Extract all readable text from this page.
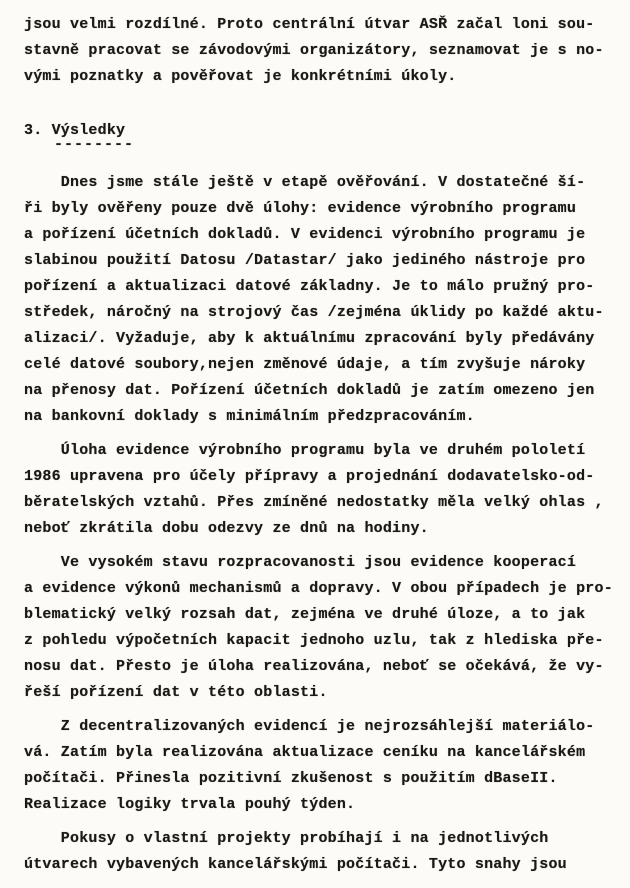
jsou velmi rozdílné. Proto centrální útvar ASŘ začal loni sou-
stavně pracovat se závodovými organizátory, seznamovat je s no-
vými poznatky a pověřovat je konkrétními úkoly.
3. Výsledky
--------
Dnes jsme stále ještě v etapě ověřování. V dostatečné ší-
ři byly ověřeny pouze dvě úlohy: evidence výrobního programu
a pořízení účetních dokladů. V evidenci výrobního programu je
slabinou použití Datosu /Datastar/ jako jediného nástroje pro
pořízení a aktualizaci datové základny. Je to málo pružný pro-
středek, náročný na strojový čas /zejména úklidy po každé aktu-
alizaci/. Vyžaduje, aby k aktuálnímu zpracování byly předávány
celé datové soubory,nejen změnové údaje, a tím zvyšuje nároky
na přenosy dat. Pořízení účetních dokladů je zatím omezeno jen
na bankovní doklady s minimálním předzpracováním.
Úloha evidence výrobního programu byla ve druhém pololetí
1986 upravena pro účely přípravy a projednání dodavatelsko-od-
běratelských vztahů. Přes zmíněné nedostatky měla velký ohlas ,
neboť zkrátila dobu odezvy ze dnů na hodiny.
Ve vysokém stavu rozpracovanosti jsou evidence kooperací
a evidence výkonů mechanismů a dopravy. V obou případech je pro-
blematický velký rozsah dat, zejména ve druhé úloze, a to jak
z pohledu výpočetních kapacit jednoho uzlu, tak z hlediska pře-
nosu dat. Přesto je úloha realizována, neboť se očekává, že vy-
řeší pořízení dat v této oblasti.
Z decentralizovaných evidencí je nejrozsáhlejší materiálo-
vá. Zatím byla realizována aktualizace ceníku na kancelářském
počítači. Přinesla pozitivní zkušenost s použitím dBaseII.
Realizace logiky trvala pouhý týden.
Pokusy o vlastní projekty probíhají i na jednotlivých
útvarech vybavených kancelářskými počítači. Tyto snahy jsou
